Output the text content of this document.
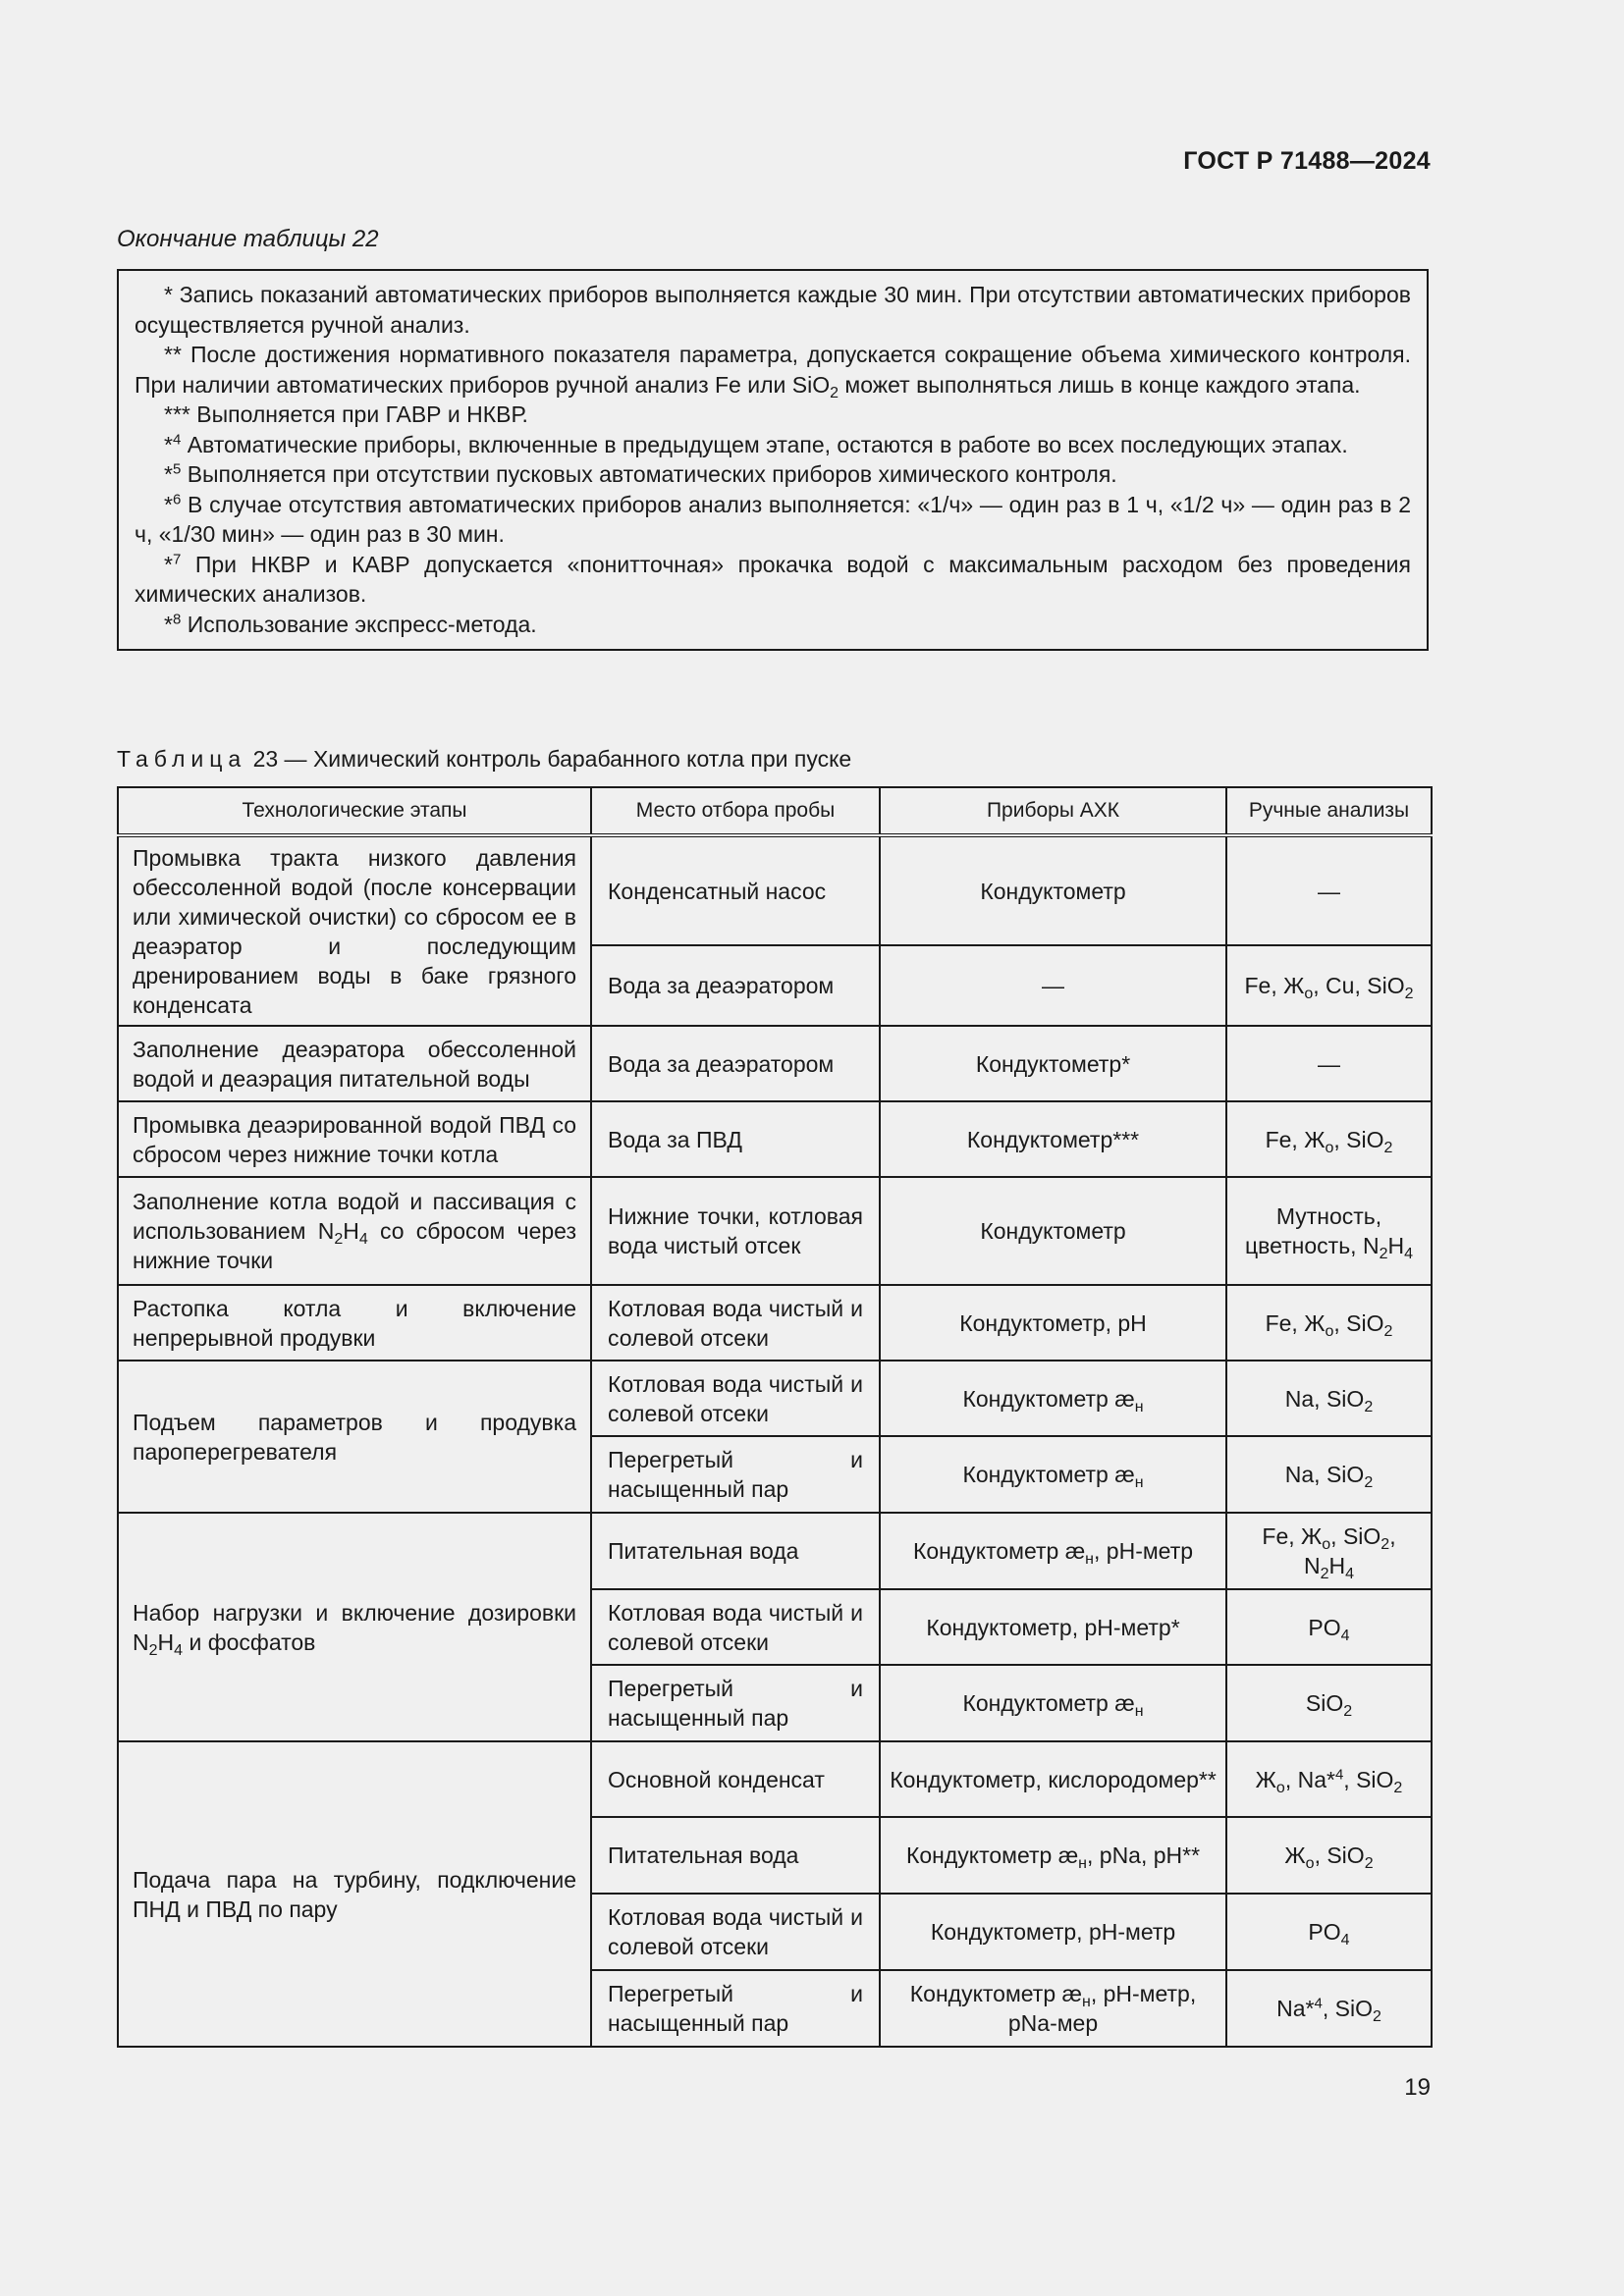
ГОСТ Р 71488—2024
Окончание таблицы 22
* Запись показаний автоматических приборов выполняется каждые 30 мин. При отсутствии автоматических приборов осуществляется ручной анализ.
** После достижения нормативного показателя параметра, допускается сокращение объема химического контроля. При наличии автоматических приборов ручной анализ Fe или SiO$_2$ может выполняться лишь в конце каждого этапа.
*** Выполняется при ГАВР и НКВР.
*$^4$ Автоматические приборы, включенные в предыдущем этапе, остаются в работе во всех последующих этапах.
*$^5$ Выполняется при отсутствии пусковых автоматических приборов химического контроля.
*$^6$ В случае отсутствия автоматических приборов анализ выполняется: «1/ч» — один раз в 1 ч, «1/2 ч» — один раз в 2 ч, «1/30 мин» — один раз в 30 мин.
*$^7$ При НКВР и КАВР допускается «понитточная» прокачка водой с максимальным расходом без проведения химических анализов.
*$^8$ Использование экспресс-метода.
Таблица 23 — Химический контроль барабанного котла при пуске
Технологические этапы	Место отбора пробы	Приборы АХК	Ручные анализы
Промывка тракта низкого давления обессоленной водой (после консервации или химической очистки) со сбросом ее в деаэратор и последующим дренированием воды в баке грязного конденсата	Конденсатный насос	Кондуктометр	—
	Вода за деаэратором	—	Fe, $Ж_о$, Cu, SiO$_2$
Заполнение деаэратора обессоленной водой и деаэрация питательной воды	Вода за деаэратором	Кондуктометр*	—
Промывка деаэрированной водой ПВД со сбросом через нижние точки котла	Вода за ПВД	Кондуктометр***	Fe, $Ж_о$, SiO$_2$
Заполнение котла водой и пассивация с использованием $N_2H_4$ со сбросом через нижние точки	Нижние точки, котловая вода чистый отсек	Кондуктометр	Мутность, цветность, $N_2H_4$
Растопка котла и включение непрерывной продувки	Котловая вода чистый и солевой отсеки	Кондуктометр, pH	Fe, $Ж_о$, SiO$_2$
Подъем параметров и продувка пароперегревателя	Котловая вода чистый и солевой отсеки	Кондуктометр $æ_н$	Na, SiO$_2$
	Перегретый и насыщенный пар	Кондуктометр $æ_н$	Na, SiO$_2$
Набор нагрузки и включение дозировки $N_2H_4$ и фосфатов	Питательная вода	Кондуктометр $æ_н$, pH-метр	Fe, $Ж_о$, SiO$_2$, $N_2H_4$
	Котловая вода чистый и солевой отсеки	Кондуктометр, pH-метр*	$PO_4$
	Перегретый и насыщенный пар	Кондуктометр $æ_н$	SiO$_2$
Подача пара на турбину, подключение ПНД и ПВД по пару	Основной конденсат	Кондуктометр, кислородомер**	$Ж_о$, Na*$^4$, SiO$_2$
	Питательная вода	Кондуктометр $æ_н$, pNa, pH**	$Ж_о$, SiO$_2$
	Котловая вода чистый и солевой отсеки	Кондуктометр, pH-метр	$PO_4$
	Перегретый и насыщенный пар	Кондуктометр $æ_н$, pH-метр, pNa-мер	Na*$^4$, SiO$_2$
19
